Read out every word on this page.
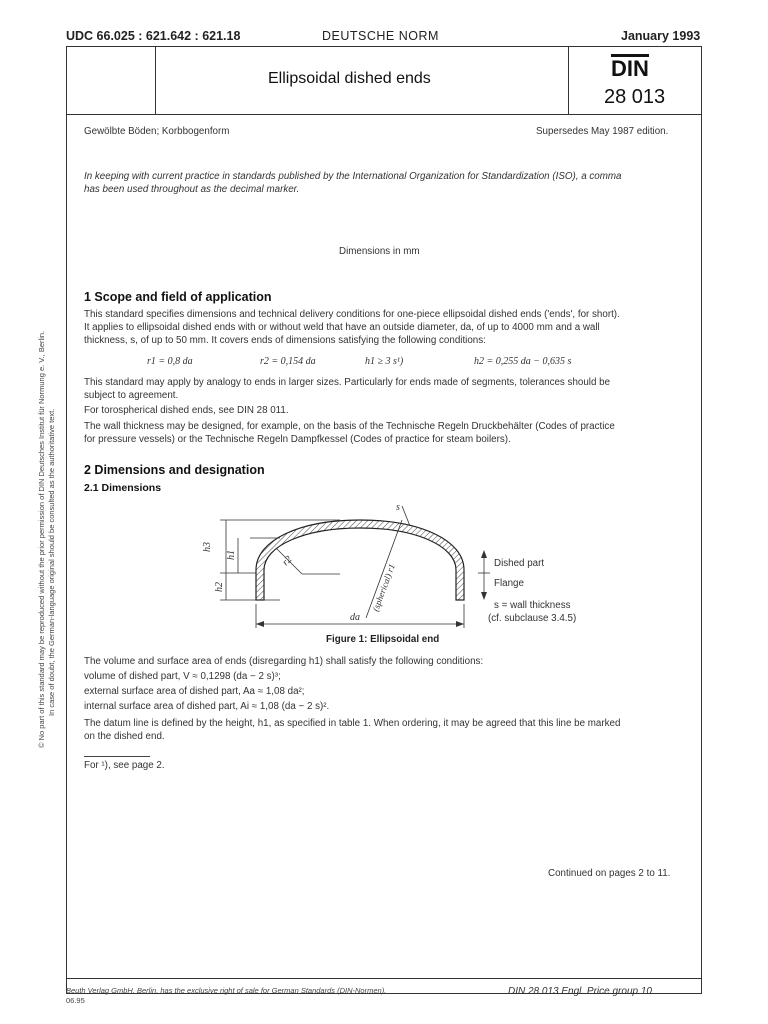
UDC 66.025 : 621.642 : 621.18	DEUTSCHE NORM	January 1993
Ellipsoidal dished ends	DIN
28 013
Gewölbte Böden; Korbbogenform	Supersedes May 1987 edition.
In keeping with current practice in standards published by the International Organization for Standardization (ISO), a comma
has been used throughout as the decimal marker.
Dimensions in mm
1 Scope and field of application
This standard specifies dimensions and technical delivery conditions for one-piece ellipsoidal dished ends ('ends', for short).
It applies to ellipsoidal dished ends with or without weld that have an outside diameter, da, of up to 4000 mm and a wall
thickness, s, of up to 50 mm. It covers ends of dimensions satisfying the following conditions:
r1 = 0,8 da	r2 = 0,154 da	h1 ≥ 3 s¹)	h2 = 0,255 da − 0,635 s
This standard may apply by analogy to ends in larger sizes. Particularly for ends made of segments, tolerances should be
subject to agreement.
For torospherical dished ends, see DIN 28 011.
The wall thickness may be designed, for example, on the basis of the Technische Regeln Druckbehälter (Codes of practice
for pressure vessels) or the Technische Regeln Dampfkessel (Codes of practice for steam boilers).
2 Dimensions and designation
2.1 Dimensions
h3
h1
h2
r2
(spherical) r1
s
da
Dished part
Flange
s = wall thickness
(cf. subclause 3.4.5)
Figure 1: Ellipsoidal end
The volume and surface area of ends (disregarding h1) shall satisfy the following conditions:
volume of dished part, V ≈ 0,1298 (da − 2 s)³;
external surface area of dished part, Aa ≈ 1,08 da²;
internal surface area of dished part, Ai ≈ 1,08 (da − 2 s)².
The datum line is defined by the height, h1, as specified in table 1. When ordering, it may be agreed that this line be marked
on the dished end.
For ¹), see page 2.
Continued on pages 2 to 11.
Beuth Verlag GmbH, Berlin, has the exclusive right of sale for German Standards (DIN-Normen).
06.95
DIN 28 013 Engl. Price group 10
© No part of this standard may be reproduced without the prior permission of DIN Deutsches Institut für Normung e. V., Berlin. In case of doubt, the German-language original should be consulted as the authoritative text.
